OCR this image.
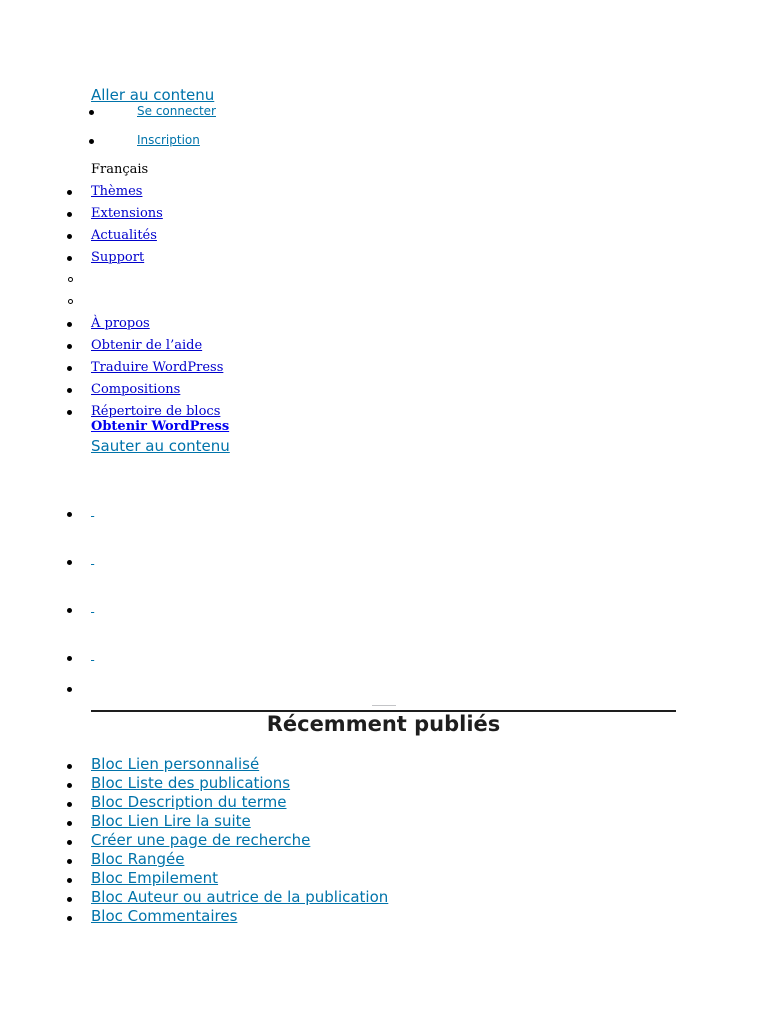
Aller au contenu
Se connecter
Inscription
Français
Thèmes
Extensions
Actualités
Support
À propos
Obtenir de l’aide
Traduire WordPress
Compositions
Répertoire de blocs
Obtenir WordPress
Sauter au contenu

Récemment publiés
Bloc Lien personnalisé
Bloc Liste des publications
Bloc Description du terme
Bloc Lien Lire la suite
Créer une page de recherche
Bloc Rangée
Bloc Empilement
Bloc Auteur ou autrice de la publication
Bloc Commentaires
